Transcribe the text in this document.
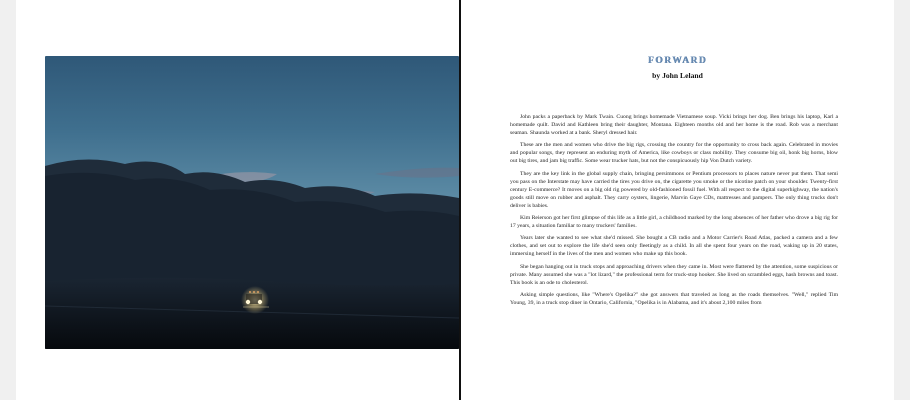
FORWARD
by John Leland

John packs a paperback by Mark Twain. Cuong brings homemade Vietnamese soup. Vicki brings her dog. Ben brings his laptop, Karl a homemade quilt. David and Kathleen bring their daughter, Montana. Eighteen months old and her home is the road. Rob was a merchant seaman. Shaunda worked at a bank. Sheryl dressed hair.

These are the men and women who drive the big rigs, crossing the country for the opportunity to cross back again. Celebrated in movies and popular songs, they represent an enduring myth of America, like cowboys or class mobility. They consume big oil, honk big horns, blow out big tires, and jam big traffic. Some wear trucker hats, but not the conspicuously hip Von Dutch variety.

They are the key link in the global supply chain, bringing persimmons or Pentium processors to places nature never put them. That semi you pass on the Interstate may have carried the tires you drive on, the cigarette you smoke or the nicotine patch on your shoulder. Twenty-first century E-commerce? It moves on a big old rig powered by old-fashioned fossil fuel. With all respect to the digital superhighway, the nation's goods still move on rubber and asphalt. They carry oysters, lingerie, Marvin Gaye CDs, mattresses and pampers. The only thing trucks don't deliver is babies.

Kim Reierson got her first glimpse of this life as a little girl, a childhood marked by the long absences of her father who drove a big rig for 17 years, a situation familiar to many truckers' families.

Years later she wanted to see what she'd missed. She bought a CB radio and a Motor Carrier's Road Atlas, packed a camera and a few clothes, and set out to explore the life she'd seen only fleetingly as a child. In all she spent four years on the road, waking up in 20 states, immersing herself in the lives of the men and women who make up this book.

She began hanging out in truck stops and approaching drivers when they came in. Most were flattered by the attention, some suspicious or private. Many assumed she was a "lot lizard," the professional term for truck-stop hooker. She lived on scrambled eggs, hash browns and toast. This book is an ode to cholesterol.

Asking simple questions, like "Where's Opelika?" she got answers that traveled as long as the roads themselves. "Well," replied Tim Young, 39, in a truck stop diner in Ontario, California, "Opelika is in Alabama, and it's about 2,100 miles from
